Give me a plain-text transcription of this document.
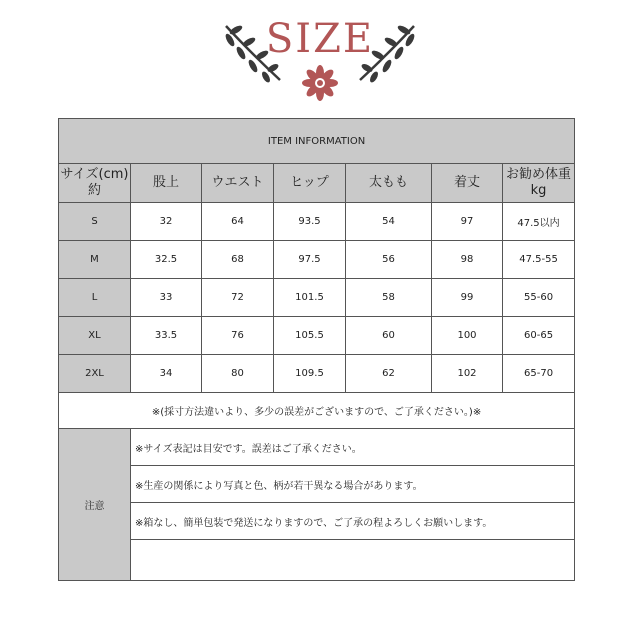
SIZE
ITEM INFORMATION						
サイズ(cm)約	股上	ウエスト	ヒップ	太もも	着丈	お勧め体重kg
S	32	64	93.5	54	97	47.5以内
M	32.5	68	97.5	56	98	47.5-55
L	33	72	101.5	58	99	55-60
XL	33.5	76	105.5	60	100	60-65
2XL	34	80	109.5	62	102	65-70
※(採寸方法違いより、多少の誤差がございますので、ご了承ください。)※						
注意	※サイズ表記は目安です。誤差はご了承ください。					
	※生産の関係により写真と色、柄が若干異なる場合があります。					
	※箱なし、簡単包装で発送になりますので、ご了承の程よろしくお願いします。					
